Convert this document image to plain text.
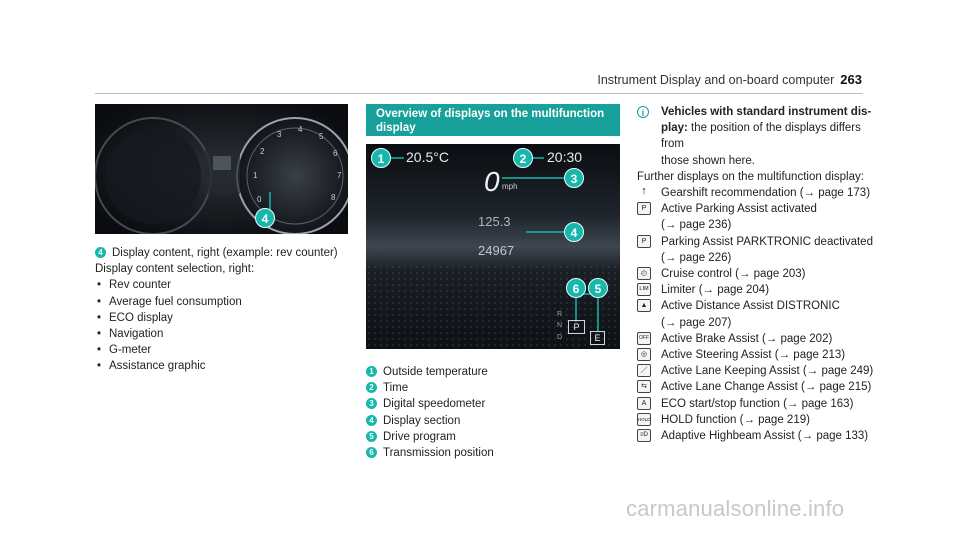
Instrument Display and on-board computer 263
0
1
2
3
4
5
6
7
8
4
4 Display content, right (example: rev counter)
Display content selection, right:
• Rev counter
• Average fuel consumption
• ECO display
• Navigation
• G-meter
• Assistance graphic
Overview of displays on the multifunction
display
20.5°C	20:30
0 mph
125.3
24967
R
N
D
P
E
1	2
3
4
5
6
1 Outside temperature
2 Time
3 Digital speedometer
4 Display section
5 Drive program
6 Transmission position
i	Vehicles with standard instrument dis-
play: the position of the displays differs from
those shown here.
Further displays on the multifunction display:
↑	Gearshift recommendation (→ page 173)
P	Active Parking Assist activated
(→ page 236)
P	Parking Assist PARKTRONIC deactivated
(→ page 226)
◴	Cruise control (→ page 203)
LIM Limiter (→ page 204)
▲	Active Distance Assist DISTRONIC
(→ page 207)
OFF Active Brake Assist (→ page 202)
◎	Active Steering Assist (→ page 213)
／	Active Lane Keeping Assist (→ page 249)
⇆	Active Lane Change Assist (→ page 215)
A	ECO start/stop function (→ page 163)
HOLD HOLD function (→ page 219)
≡D Adaptive Highbeam Assist (→ page 133)
carmanualsonline.info
